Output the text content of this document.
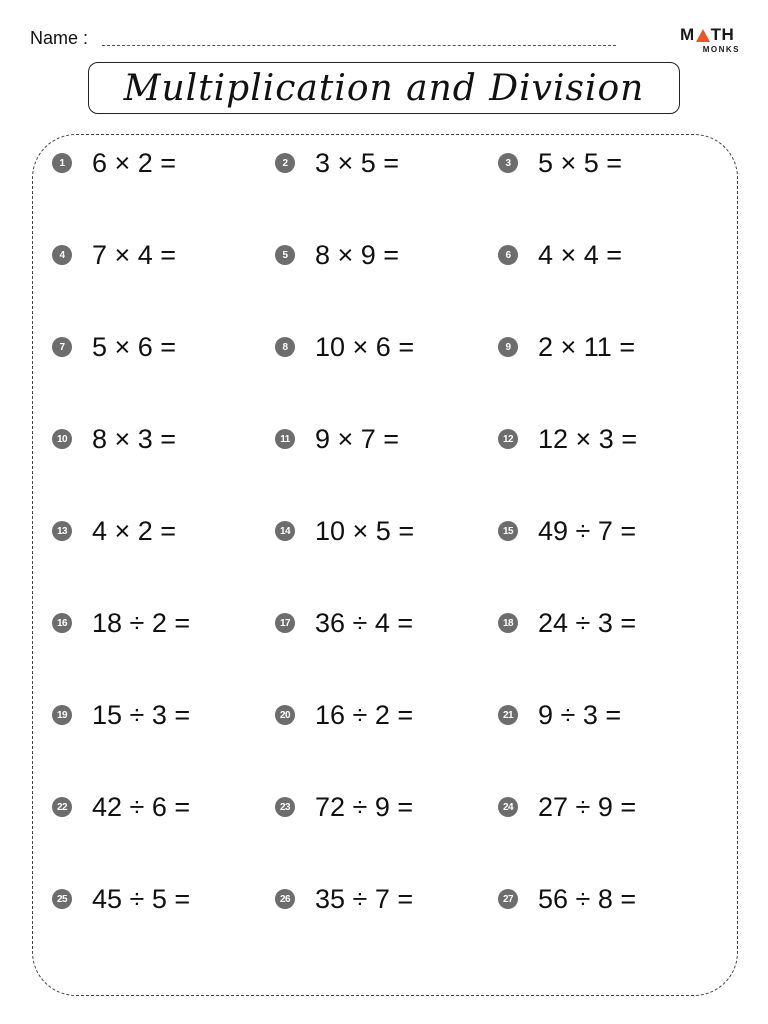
Name :	M TH
MONKS
Multiplication and Division
1 6 × 2 =	2 3 × 5 =	3 5 × 5 =
4 7 × 4 =	5 8 × 9 =	6 4 × 4 =
7 5 × 6 =	8 10 × 6 =	9 2 × 11 =
10 8 × 3 =	11 9 × 7 =	12 12 × 3 =
13 4 × 2 =	14 10 × 5 =	15 49 ÷ 7 =
16 18 ÷ 2 =	17 36 ÷ 4 =	18 24 ÷ 3 =
19 15 ÷ 3 =	20 16 ÷ 2 =	21 9 ÷ 3 =
22 42 ÷ 6 =	23 72 ÷ 9 =	24 27 ÷ 9 =
25 45 ÷ 5 =	26 35 ÷ 7 =	27 56 ÷ 8 =
